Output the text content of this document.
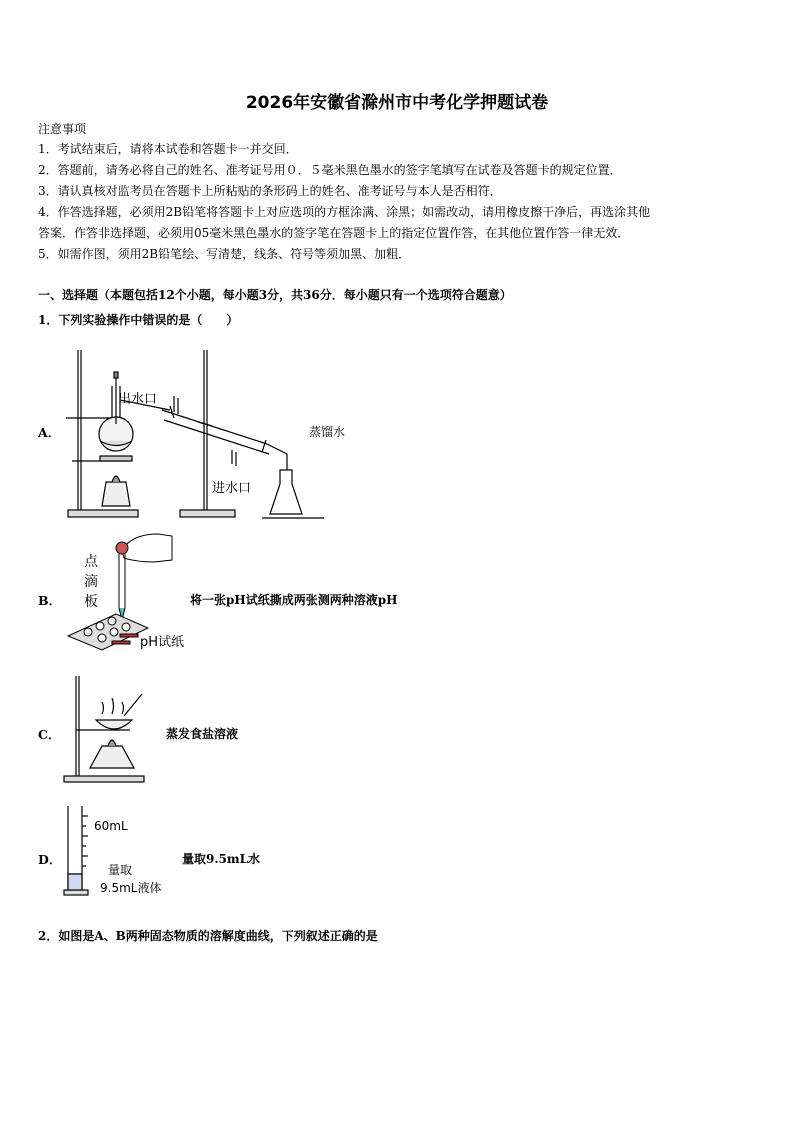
2026年安徽省滁州市中考化学押题试卷
注意事项
1．考试结束后，请将本试卷和答题卡一并交回．
2．答题前，请务必将自己的姓名、准考证号用０．５毫米黑色墨水的签字笔填写在试卷及答题卡的规定位置．
3．请认真核对监考员在答题卡上所粘贴的条形码上的姓名、准考证号与本人是否相符．
4．作答选择题，必须用2B铅笔将答题卡上对应选项的方框涂满、涂黑；如需改动，请用橡皮擦干净后，再选涂其他
答案．作答非选择题，必须用05毫米黑色墨水的签字笔在答题卡上的指定位置作答，在其他位置作答一律无效．
5．如需作图，须用2B铅笔绘、写清楚，线条、符号等须加黑、加粗．
一、选择题（本题包括12个小题，每小题3分，共36分．每小题只有一个选项符合题意）
1．下列实验操作中错误的是（　　）
A．
出水口
进水口
蒸馏水
B．
点
滴
板
pH试纸
将一张pH试纸撕成两张测两种溶液pH
C．	蒸发食盐溶液
D．
60mL
量取
9.5mL液体
量取9.5mL水
2．如图是A、B两种固态物质的溶解度曲线，下列叙述正确的是
